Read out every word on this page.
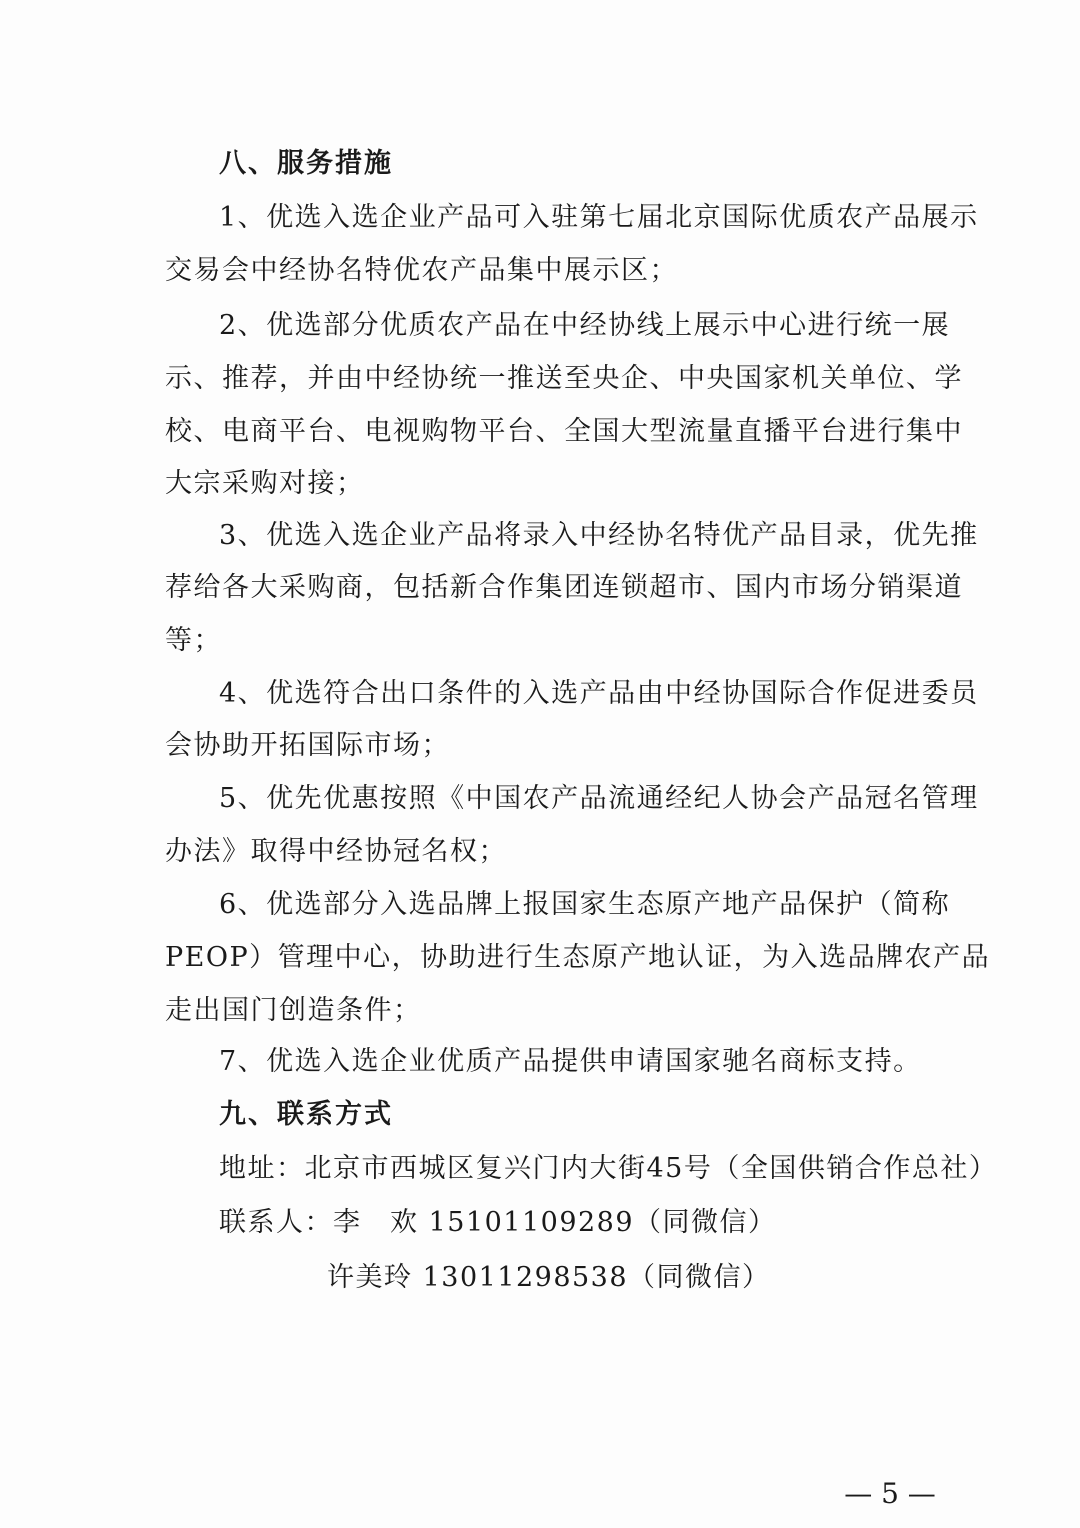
八、服务措施
1、优选入选企业产品可入驻第七届北京国际优质农产品展示
交易会中经协名特优农产品集中展示区；
2、优选部分优质农产品在中经协线上展示中心进行统一展
示、推荐，并由中经协统一推送至央企、中央国家机关单位、学
校、电商平台、电视购物平台、全国大型流量直播平台进行集中
大宗采购对接；
3、优选入选企业产品将录入中经协名特优产品目录，优先推
荐给各大采购商，包括新合作集团连锁超市、国内市场分销渠道
等；
4、优选符合出口条件的入选产品由中经协国际合作促进委员
会协助开拓国际市场；
5、优先优惠按照《中国农产品流通经纪人协会产品冠名管理
办法》取得中经协冠名权；
6、优选部分入选品牌上报国家生态原产地产品保护（简称
PEOP）管理中心，协助进行生态原产地认证，为入选品牌农产品
走出国门创造条件；
7、优选入选企业优质产品提供申请国家驰名商标支持。
九、联系方式
地址：北京市西城区复兴门内大街45号（全国供销合作总社）
联系人：李　欢 15101109289（同微信）
许美玲 13011298538（同微信）
— 5 —
